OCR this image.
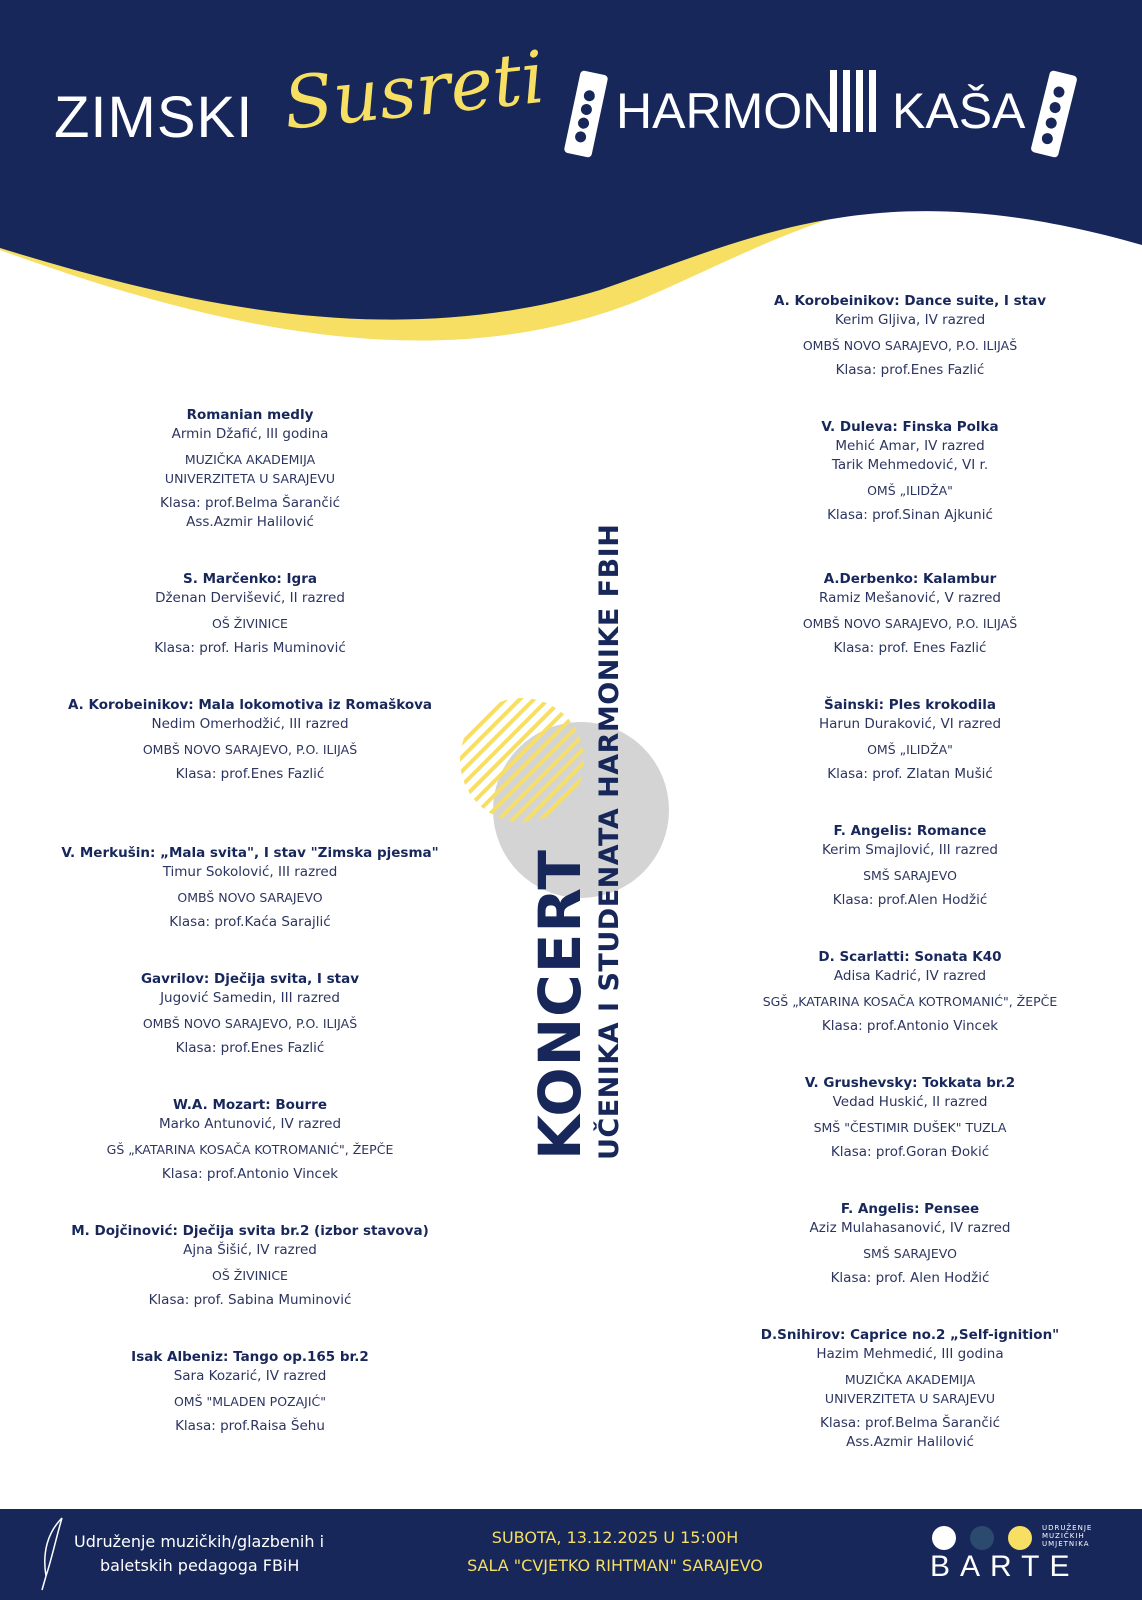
ZIMSKI Susreti HARMON KAŠA
KONCERT UČENIKA I STUDENATA HARMONIKE FBIH
Romanian medly
Armin Džafić, III godina
MUZIČKA AKADEMIJA
UNIVERZITETA U SARAJEVU
Klasa: prof.Belma Šarančić
Ass.Azmir Halilović
S. Marčenko: Igra
Dženan Dervišević, II razred
OŠ ŽIVINICE
Klasa: prof. Haris Muminović
A. Korobeinikov: Mala lokomotiva iz Romaškova
Nedim Omerhodžić, III razred
OMBŠ NOVO SARAJEVO, P.O. ILIJAŠ
Klasa: prof.Enes Fazlić
V. Merkušin: „Mala svita", I stav "Zimska pjesma"
Timur Sokolović, III razred
OMBŠ NOVO SARAJEVO
Klasa: prof.Kaća Sarajlić
Gavrilov: Dječija svita, I stav
Jugović Samedin, III razred
OMBŠ NOVO SARAJEVO, P.O. ILIJAŠ
Klasa: prof.Enes Fazlić
W.A. Mozart: Bourre
Marko Antunović, IV razred
GŠ „KATARINA KOSAČA KOTROMANIĆ", ŽEPČE
Klasa: prof.Antonio Vincek
M. Dojčinović: Dječija svita br.2 (izbor stavova)
Ajna Šišić, IV razred
OŠ ŽIVINICE
Klasa: prof. Sabina Muminović
Isak Albeniz: Tango op.165 br.2
Sara Kozarić, IV razred
OMŠ "MLADEN POZAJIĆ"
Klasa: prof.Raisa Šehu
A. Korobeinikov: Dance suite, I stav
Kerim Gljiva, IV razred
OMBŠ NOVO SARAJEVO, P.O. ILIJAŠ
Klasa: prof.Enes Fazlić
V. Duleva: Finska Polka
Mehić Amar, IV razred
Tarik Mehmedović, VI r.
OMŠ „ILIDŽA"
Klasa: prof.Sinan Ajkunić
A.Derbenko: Kalambur
Ramiz Mešanović, V razred
OMBŠ NOVO SARAJEVO, P.O. ILIJAŠ
Klasa: prof. Enes Fazlić
Šainski: Ples krokodila
Harun Duraković, VI razred
OMŠ „ILIDŽA"
Klasa: prof. Zlatan Mušić
F. Angelis: Romance
Kerim Smajlović, III razred
SMŠ SARAJEVO
Klasa: prof.Alen Hodžić
D. Scarlatti: Sonata K40
Adisa Kadrić, IV razred
SGŠ „KATARINA KOSAČA KOTROMANIĆ", ŽEPČE
Klasa: prof.Antonio Vincek
V. Grushevsky: Tokkata br.2
Vedad Huskić, II razred
SMŠ "ČESTIMIR DUŠEK" TUZLA
Klasa: prof.Goran Đokić
F. Angelis: Pensee
Aziz Mulahasanović, IV razred
SMŠ SARAJEVO
Klasa: prof. Alen Hodžić
D.Snihirov: Caprice no.2 „Self-ignition"
Hazim Mehmedić, III godina
MUZIČKA AKADEMIJA
UNIVERZITETA U SARAJEVU
Klasa: prof.Belma Šarančić
Ass.Azmir Halilović
Udruženje muzičkih/glazbenih i
baletskih pedagoga FBiH
SUBOTA, 13.12.2025 U 15:00H
SALA "CVJETKO RIHTMAN" SARAJEVO
UDRUŽENJE
MUZIČKIH
UMJETNIKA
BARTE
